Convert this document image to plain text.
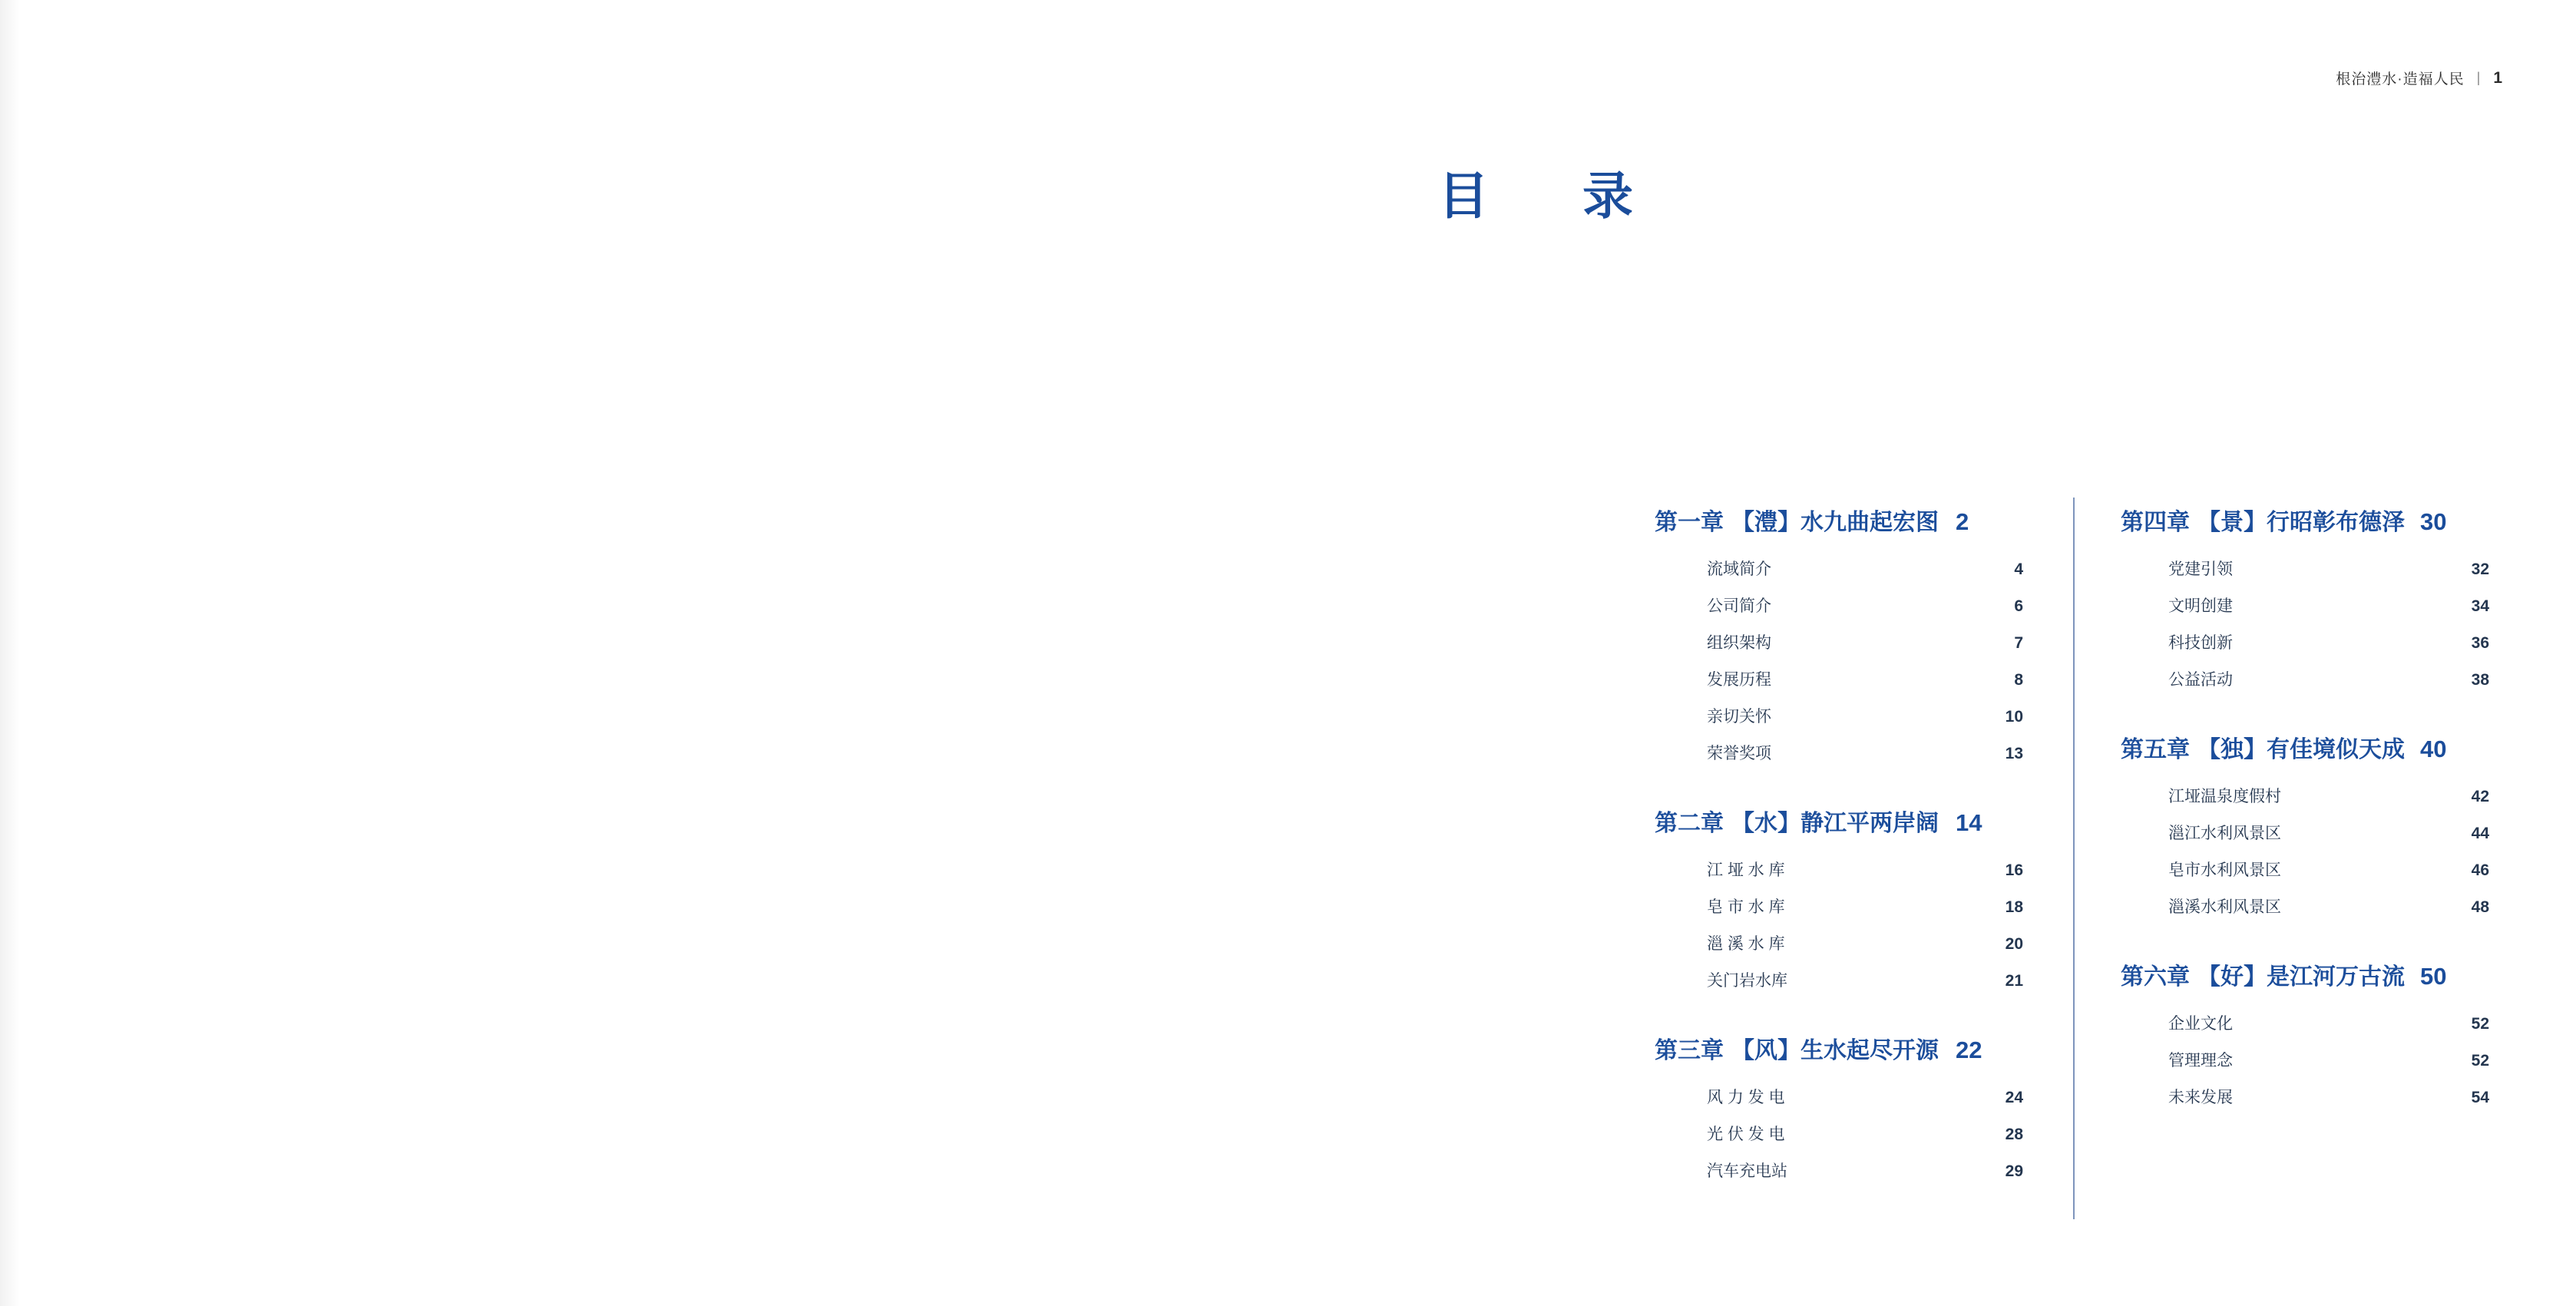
根治澧水·造福人民 | 1
目　录
第一章 【澧】水九曲起宏图 2
流域简介	4
公司简介	6
组织架构	7
发展历程	8
亲切关怀	10
荣誉奖项	13
第二章 【水】静江平两岸阔 14
江 垭 水 库	16
皂 市 水 库	18
㴩 溪 水 库	20
关门岩水库	21
第三章 【风】生水起尽开源 22
风 力 发 电	24
光 伏 发 电	28
汽车充电站	29
第四章 【景】行昭彰布德泽 30
党建引领	32
文明创建	34
科技创新	36
公益活动	38
第五章 【独】有佳境似天成 40
江垭温泉度假村	42
㴩江水利风景区	44
皂市水利风景区	46
㴩溪水利风景区	48
第六章 【好】是江河万古流 50
企业文化	52
管理理念	52
未来发展	54
